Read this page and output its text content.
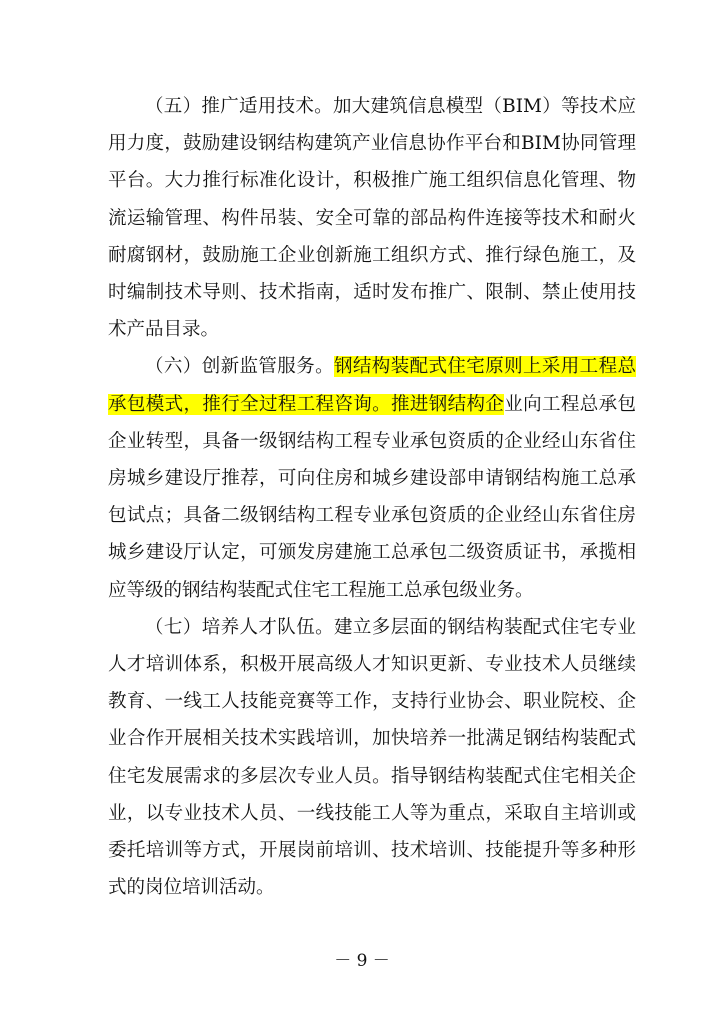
（五）推广适用技术。加大建筑信息模型（BIM）等技术应用力度，鼓励建设钢结构建筑产业信息协作平台和BIM协同管理平台。大力推行标准化设计，积极推广施工组织信息化管理、物流运输管理、构件吊装、安全可靠的部品构件连接等技术和耐火耐腐钢材，鼓励施工企业创新施工组织方式、推行绿色施工，及时编制技术导则、技术指南，适时发布推广、限制、禁止使用技术产品目录。

（六）创新监管服务。钢结构装配式住宅原则上采用工程总承包模式，推行全过程工程咨询。推进钢结构企业向工程总承包企业转型，具备一级钢结构工程专业承包资质的企业经山东省住房城乡建设厅推荐，可向住房和城乡建设部申请钢结构施工总承包试点；具备二级钢结构工程专业承包资质的企业经山东省住房城乡建设厅认定，可颁发房建施工总承包二级资质证书，承揽相应等级的钢结构装配式住宅工程施工总承包级业务。

（七）培养人才队伍。建立多层面的钢结构装配式住宅专业人才培训体系，积极开展高级人才知识更新、专业技术人员继续教育、一线工人技能竞赛等工作，支持行业协会、职业院校、企业合作开展相关技术实践培训，加快培养一批满足钢结构装配式住宅发展需求的多层次专业人员。指导钢结构装配式住宅相关企业，以专业技术人员、一线技能工人等为重点，采取自主培训或委托培训等方式，开展岗前培训、技术培训、技能提升等多种形式的岗位培训活动。

－ 9 －
